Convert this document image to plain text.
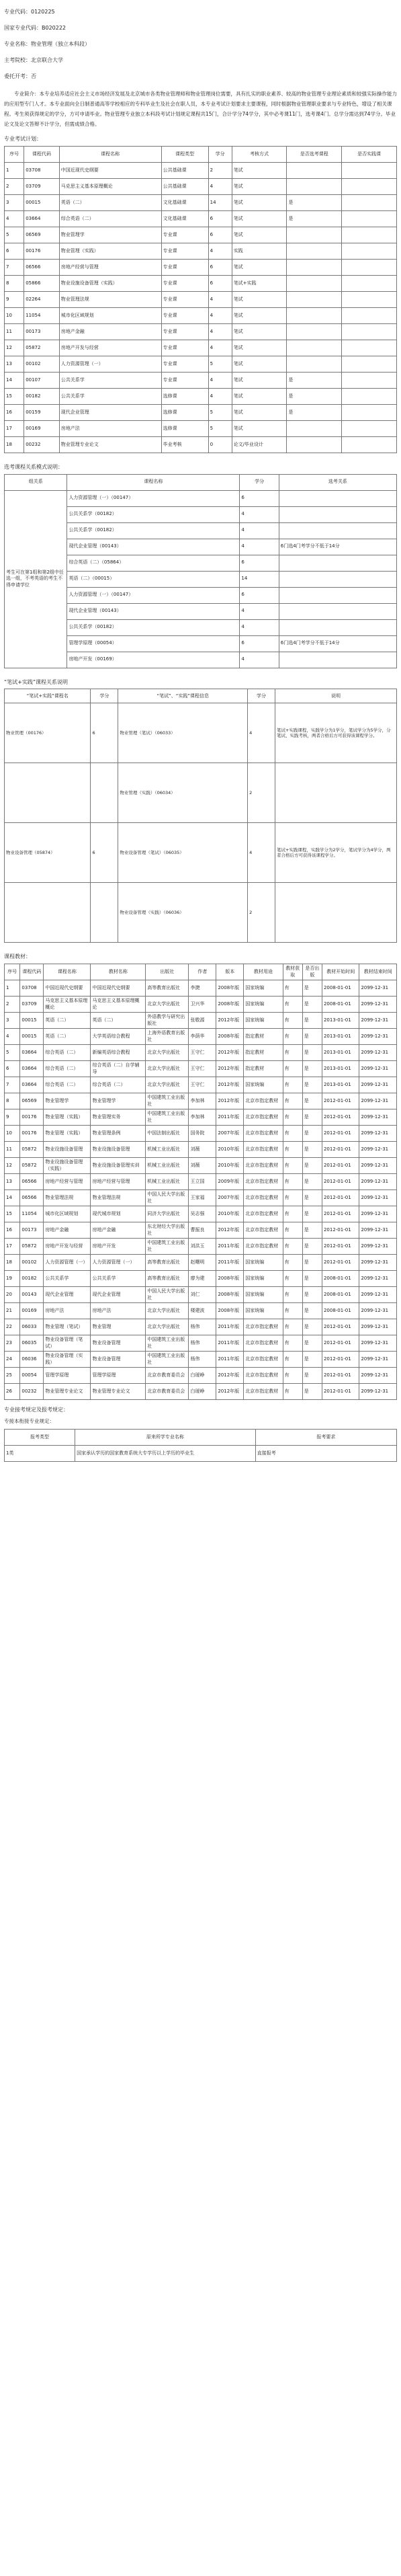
专业代码：0120225
国家专业代码：B020222
专业名称：物业管理（独立本科段）
主考院校：北京联合大学
委托开考：否
专业简介：本专业培养适应社会主义市场经济发展及北京城市各类物业管理师和物业管理岗位需要，具有扎实的职业素养、较高的物业管理专业理论素质和较强实际操作能力的应用型专门人才。本专业面向全日制普通高等学校相应的专科毕业生及社会在职人员，本专业考试计划要求主要课程，同时根据物业管理职业要求与专业特色，增设了相关课程。考生须获得规定的学分，方可申请毕业。物业管理专业独立本科段考试计划规定课程共15门，合计学分74学分，其中必考课11门，选考课4门。总学分需达到74学分。毕业论文及论文答辩不计学分，但需成绩合格。
专业考试计划：
序号	课程代码	课程名称	课程类型	学分	考核方式	是否选考课程	是否实践课
1	03708	中国近现代史纲要	公共基础课	2	笔试		
2	03709	马克思主义基本原理概论	公共基础课	4	笔试		
3	00015	英语（二）	文化基础课	14	笔试	是	
4	03664	综合英语（二）	文化基础课	6	笔试	是	
5	06569	物业管理学	专业课	6	笔试		
6	00176	物业管理（实践）	专业课	4	实践		
7	06566	房地产经营与管理	专业课	6	笔试		
8	05866	物业设施设备管理（实践）	专业课	6	笔试+实践		
9	02264	物业管理法规	专业课	4	笔试		
10	11054	城市化区域规划	专业课	4	笔试		
11	00173	房地产金融	专业课	4	笔试		
12	05872	房地产开发与经营	专业课	4	笔试		
13	00102	人力资源管理（一）	专业课	5	笔试		
14	00107	公共关系学	专业课	4	笔试	是	
15	00182	公共关系学	选修课	4	笔试	是	
16	00159	现代企业管理	选修课	5	笔试	是	
17	00169	房地产法	选修课	5	笔试		
18	00232	物业管理专业论文	毕业考核	0	论文/毕业设计		
选考课程关系模式说明：
组关系	课程名称	学分	选考关系
考生可在第1组和第2组中任选一组，不考英语的考生不得申请学位	人力资源管理（一）（00147）	6	
	公共关系学（00182）	4	
	公共关系学（00182）	4	
	现代企业管理（00143）	4	6门选4门考学分不低于14分
	综合英语（二）（05864）	6	
	英语（二）（00015）	14	
	人力资源管理（一）（00147）	6	
	现代企业管理（00143）	4	
	公共关系学（00182）	4	
	管理学原理（00054）	6	6门选4门考学分不低于14分
	房地产开发（00169）	4	
“笔试+实践”课程关系说明
“笔试+实践”课程名	学分	“笔试”、“实践”课程信息	学分	说明
物业管理（00176）	6	物业管理（笔试）（06033）	4	笔试+实践课程，实践学分为1学分，笔试学分为5学分，分笔试、实践考核，两者合格后方可获得该课程学分。
		物业管理（实践）（06034）	2	
物业设备管理（05874）	6	物业设备管理（笔试）（06035）	4	笔试+实践课程，实践学分为2学分，笔试学分为4学分，两者合格后方可获得该课程学分。
		物业设备管理（实践）（06036）	2	
课程教材：
序号	课程代码	课程名称	教材名称	出版社	作者	版本	教材用途	教材获取	是否出版	教材开始时间	教材结束时间
1	03708	中国近现代史纲要	中国近现代史纲要	高等教育出版社	李捷	2008年版	国家统编	有	是	2008-01-01	2099-12-31
2	03709	马克思主义基本原理概论	马克思主义基本原理概论	北京大学出版社	卫兴华	2008年版	国家统编	有	是	2008-01-01	2099-12-31
3	00015	英语（二）	英语（二）	外语教学与研究出版社	张敬源	2012年版	国家统编	有	是	2013-01-01	2099-12-31
4	00015	英语（二）	大学英语综合教程	上海外语教育出版社	李荫华	2008年版	指定教材	有	是	2013-01-01	2099-12-31
5	03664	综合英语（二）	新编英语综合教程	北京大学出版社	王守仁	2012年版	指定教材	有	是	2013-01-01	2099-12-31
6	03664	综合英语（二）	综合英语（二）自学辅导	北京大学出版社	王守仁	2012年版	指定教材	有	是	2013-01-01	2099-12-31
7	03664	综合英语（二）	综合英语（二）	北京大学出版社	王守仁	2012年版	国家统编	有	是	2013-01-01	2099-12-31
8	06569	物业管理学	物业管理学	中国建筑工业出版社	李加林	2012年版	北京市指定教材	有	是	2012-01-01	2099-12-31
9	00176	物业管理（实践）	物业管理实务	中国建筑工业出版社	李加林	2011年版	北京市指定教材	有	是	2012-01-01	2099-12-31
10	00176	物业管理（实践）	物业管理条例	中国法制出版社	国务院	2007年版	北京市指定教材	有	是	2012-01-01	2099-12-31
11	05872	物业设施设备管理	物业设施设备管理	机械工业出版社	刘薇	2010年版	北京市指定教材	有	是	2012-01-01	2099-12-31
12	05872	物业设施设备管理（实践）	物业设施设备管理实训	机械工业出版社	刘薇	2010年版	北京市指定教材	有	是	2012-01-01	2099-12-31
13	06566	房地产经营与管理	房地产经营与管理	机械工业出版社	王立国	2009年版	北京市指定教材	有	是	2012-01-01	2099-12-31
14	06566	物业管理法规	物业管理法规	中国人民大学出版社	王家福	2007年版	北京市指定教材	有	是	2012-01-01	2099-12-31
15	11054	城市化区域规划	现代城市规划	同济大学出版社	吴志强	2010年版	北京市指定教材	有	是	2012-01-01	2099-12-31
16	00173	房地产金融	房地产金融	东北财经大学出版社	曹振良	2012年版	北京市指定教材	有	是	2012-01-01	2099-12-31
17	05872	房地产开发与经营	房地产开发	中国建筑工业出版社	刘洪玉	2011年版	北京市指定教材	有	是	2012-01-01	2099-12-31
18	00102	人力资源管理（一）	人力资源管理（一）	高等教育出版社	赵曙明	2011年版	国家统编	有	是	2012-01-01	2099-12-31
19	00182	公共关系学	公共关系学	高等教育出版社	廖为建	2008年版	国家统编	有	是	2008-01-01	2099-12-31
20	00143	现代企业管理	现代企业管理	中国人民大学出版社	刘仁	2008年版	国家统编	有	是	2008-01-01	2099-12-31
21	00169	房地产法	房地产法	北京大学出版社	楼建波	2008年版	国家统编	有	是	2008-01-01	2099-12-31
22	06033	物业管理（笔试）	物业管理	北京大学出版社	杨伟	2011年版	北京市指定教材	有	是	2012-01-01	2099-12-31
23	06035	物业设备管理（笔试）	物业设备管理	中国建筑工业出版社	杨伟	2011年版	北京市指定教材	有	是	2012-01-01	2099-12-31
24	06036	物业设备管理（实践）	物业设备管理	中国建筑工业出版社	杨伟	2011年版	北京市指定教材	有	是	2012-01-01	2099-12-31
25	00054	管理学原理	管理学原理	北京市教育委员会	白瑷峥	2012年版	北京市指定教材	有	是	2012-01-01	2099-12-31
26	00232	物业管理专业论文	物业管理专业论文	北京市教育委员会	白瑷峥	2012年版	北京市指定教材	有	是	2012-01-01	2099-12-31
专业接考规定及报考规定：
专接本衔接专业规定：
报考类型	原来所学专业名称	报考要求
1类	国家承认学历的国家教育系统大专学历以上学历的毕业生	直接报考
